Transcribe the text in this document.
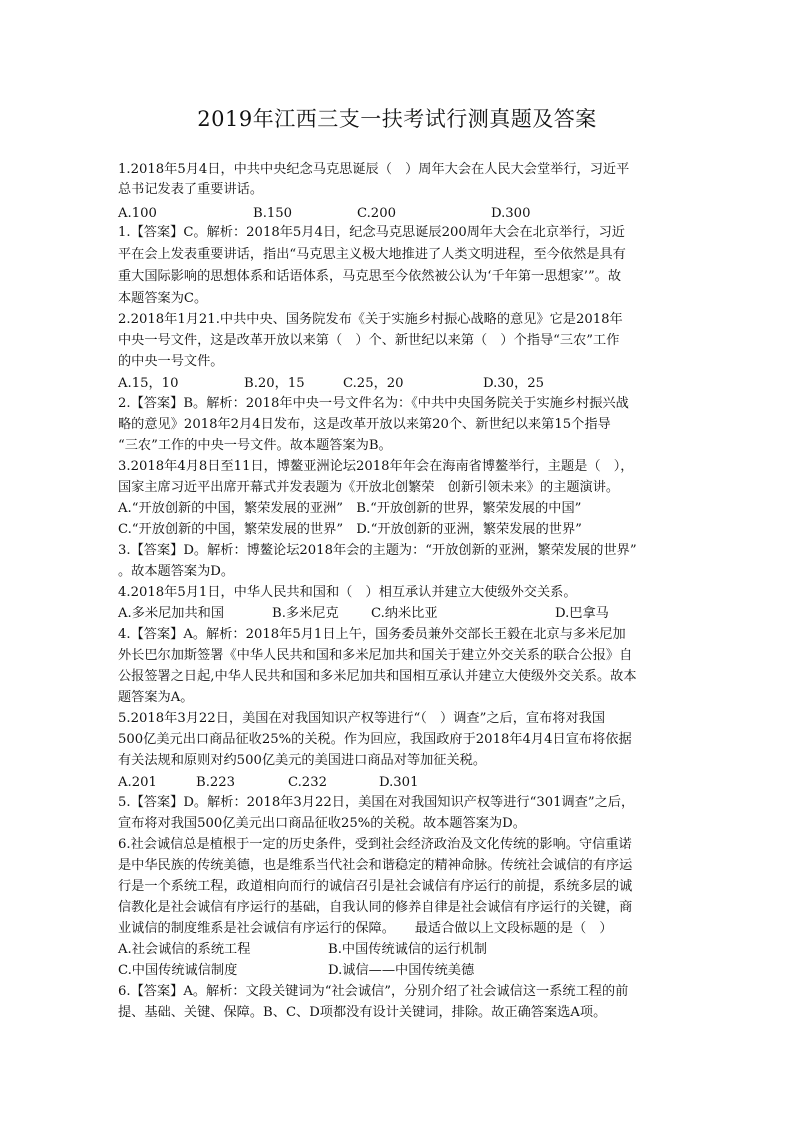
2019年江西三支一扶考试行测真题及答案
1.2018年5月4日，中共中央纪念马克思诞辰（　）周年大会在人民大会堂举行，习近平
总书记发表了重要讲话。
A.100	B.150	C.200	D.300
1.【答案】C。解析：2018年5月4日，纪念马克思诞辰200周年大会在北京举行，习近
平在会上发表重要讲话，指出“马克思主义极大地推进了人类文明进程，至今依然是具有
重大国际影响的思想体系和话语体系，马克思至今依然被公认为‘千年第一思想家’”。故
本题答案为C。
2.2018年1月21.中共中央、国务院发布《关于实施乡村振心战略的意见》它是2018年
中央一号文件，这是改革开放以来第（　）个、新世纪以来第（　）个指导“三农”工作
的中央一号文件。
A.15，10	B.20，15	C.25，20	D.30，25
2.【答案】B。解析：2018年中央一号文件名为：《中共中央国务院关于实施乡村振兴战
略的意见》2018年2月4日发布，这是改革开放以来第20个、新世纪以来第15个指导
“三农”工作的中央一号文件。故本题答案为B。
3.2018年4月8日至11日，博鳌亚洲论坛2018年年会在海南省博鳌举行，主题是（　），
国家主席习近平出席开幕式并发表题为《开放北创繁荣　创新引领未来》的主题演讲。
A.“开放创新的中国，繁荣发展的亚洲”　B.“开放创新的世界，繁荣发展的中国”
C.“开放创新的中国，繁荣发展的世界”　D.“开放创新的亚洲，繁荣发展的世界”
3.【答案】D。解析：博鳌论坛2018年会的主题为：“开放创新的亚洲，繁荣发展的世界”
。故本题答案为D。
4.2018年5月1日，中华人民共和国和（　）相互承认并建立大使级外交关系。
A.多米尼加共和国	B.多米尼克 C.纳米比亚	D.巴拿马
4.【答案】A。解析：2018年5月1日上午，国务委员兼外交部长王毅在北京与多米尼加
外长巴尔加斯签署《中华人民共和国和多米尼加共和国关于建立外交关系的联合公报》自
公报签署之日起,中华人民共和国和多米尼加共和国相互承认并建立大使级外交关系。故本
题答案为A。
5.2018年3月22日，美国在对我国知识产权等进行“（　）调查”之后，宣布将对我国
500亿美元出口商品征收25%的关税。作为回应，我国政府于2018年4月4日宣布将依据
有关法规和原则对约500亿美元的美国进口商品对等加征关税。
A.201	B.223	C.232	D.301
5.【答案】D。解析：2018年3月22日，美国在对我国知识产权等进行“301调查”之后，
宣布将对我国500亿美元出口商品征收25%的关税。故本题答案为D。
6.社会诚信总是植根于一定的历史条件，受到社会经济政治及文化传统的影响。守信重诺
是中华民族的传统美德，也是维系当代社会和谐稳定的精神命脉。传统社会诚信的有序运
行是一个系统工程，政道相向而行的诚信召引是社会诚信有序运行的前提，系统多层的诚
信教化是社会诚信有序运行的基础，自我认同的修养自律是社会诚信有序运行的关键，商
业诚信的制度维系是社会诚信有序运行的保障。　　最适合做以上文段标题的是（　）
A.社会诚信的系统工程	B.中国传统诚信的运行机制
C.中国传统诚信制度	D.诚信——中国传统美德
6.【答案】A。解析：文段关键词为“社会诚信”，分别介绍了社会诚信这一系统工程的前
提、基础、关键、保障。B、C、D项都没有设计关键词，排除。故正确答案选A项。
